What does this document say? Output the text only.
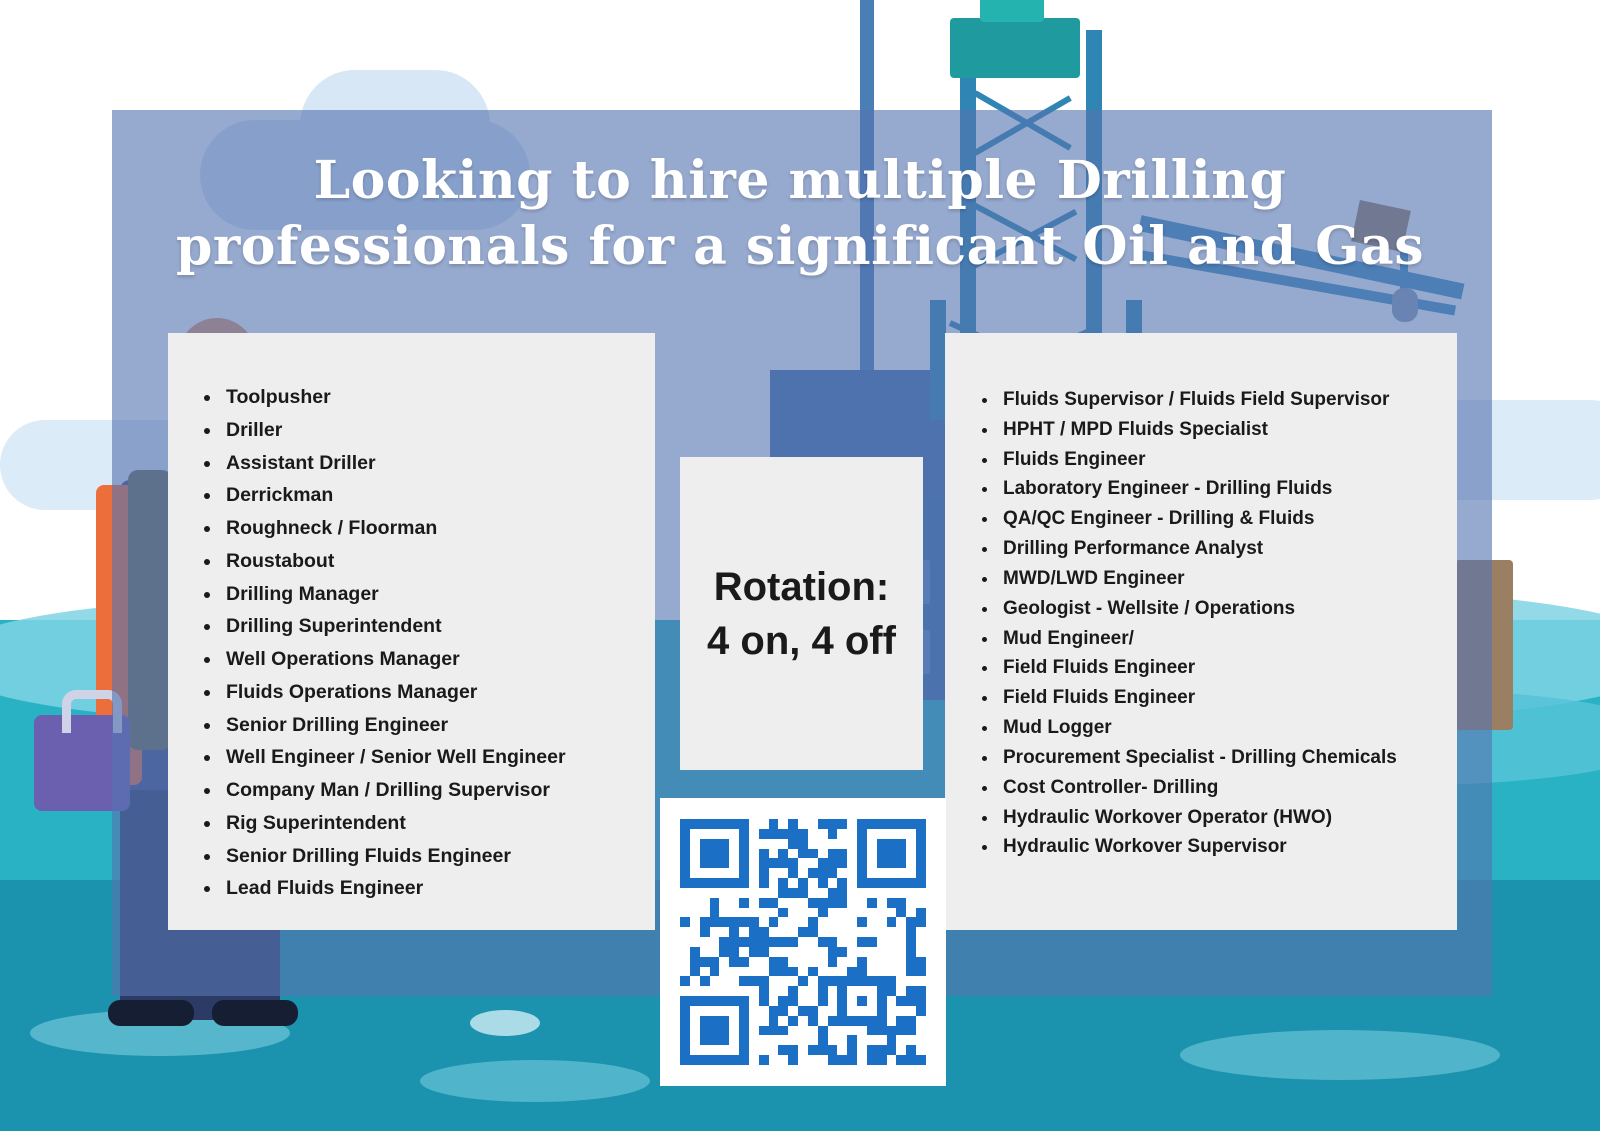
Looking to hire multiple Drilling professionals for a significant Oil and Gas
• Toolpusher
• Driller
• Assistant Driller
• Derrickman
• Roughneck / Floorman
• Roustabout
• Drilling Manager
• Drilling Superintendent
• Well Operations Manager
• Fluids Operations Manager
• Senior Drilling Engineer
• Well Engineer / Senior Well Engineer
• Company Man / Drilling Supervisor
• Rig Superintendent
• Senior Drilling Fluids Engineer
• Lead Fluids Engineer
• Fluids Supervisor / Fluids Field Supervisor
• HPHT / MPD Fluids Specialist
• Fluids Engineer
• Laboratory Engineer - Drilling Fluids
• QA/QC Engineer - Drilling & Fluids
• Drilling Performance Analyst
• MWD/LWD Engineer
• Geologist - Wellsite / Operations
• Mud Engineer/
• Field Fluids Engineer
• Field Fluids Engineer
• Mud Logger
• Procurement Specialist - Drilling Chemicals
• Cost Controller- Drilling
• Hydraulic Workover Operator (HWO)
• Hydraulic Workover Supervisor
Rotation: 4 on, 4 off
